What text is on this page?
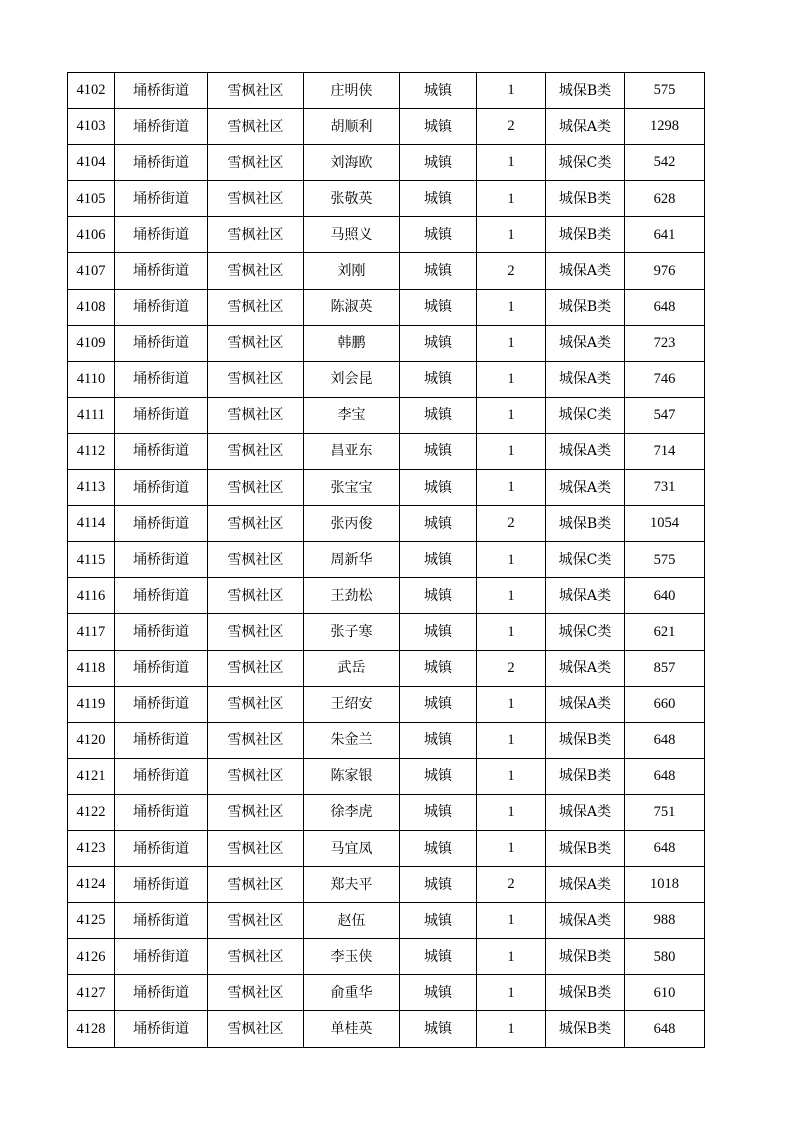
4102	埇桥街道	雪枫社区	庄明侠	城镇	1	城保B类	575
4103	埇桥街道	雪枫社区	胡顺利	城镇	2	城保A类	1298
4104	埇桥街道	雪枫社区	刘海欧	城镇	1	城保C类	542
4105	埇桥街道	雪枫社区	张敬英	城镇	1	城保B类	628
4106	埇桥街道	雪枫社区	马照义	城镇	1	城保B类	641
4107	埇桥街道	雪枫社区	刘刚	城镇	2	城保A类	976
4108	埇桥街道	雪枫社区	陈淑英	城镇	1	城保B类	648
4109	埇桥街道	雪枫社区	韩鹏	城镇	1	城保A类	723
4110	埇桥街道	雪枫社区	刘会昆	城镇	1	城保A类	746
4111	埇桥街道	雪枫社区	李宝	城镇	1	城保C类	547
4112	埇桥街道	雪枫社区	昌亚东	城镇	1	城保A类	714
4113	埇桥街道	雪枫社区	张宝宝	城镇	1	城保A类	731
4114	埇桥街道	雪枫社区	张丙俊	城镇	2	城保B类	1054
4115	埇桥街道	雪枫社区	周新华	城镇	1	城保C类	575
4116	埇桥街道	雪枫社区	王劲松	城镇	1	城保A类	640
4117	埇桥街道	雪枫社区	张子寒	城镇	1	城保C类	621
4118	埇桥街道	雪枫社区	武岳	城镇	2	城保A类	857
4119	埇桥街道	雪枫社区	王绍安	城镇	1	城保A类	660
4120	埇桥街道	雪枫社区	朱金兰	城镇	1	城保B类	648
4121	埇桥街道	雪枫社区	陈家银	城镇	1	城保B类	648
4122	埇桥街道	雪枫社区	徐李虎	城镇	1	城保A类	751
4123	埇桥街道	雪枫社区	马宜凤	城镇	1	城保B类	648
4124	埇桥街道	雪枫社区	郑夫平	城镇	2	城保A类	1018
4125	埇桥街道	雪枫社区	赵伍	城镇	1	城保A类	988
4126	埇桥街道	雪枫社区	李玉侠	城镇	1	城保B类	580
4127	埇桥街道	雪枫社区	俞重华	城镇	1	城保B类	610
4128	埇桥街道	雪枫社区	单桂英	城镇	1	城保B类	648
